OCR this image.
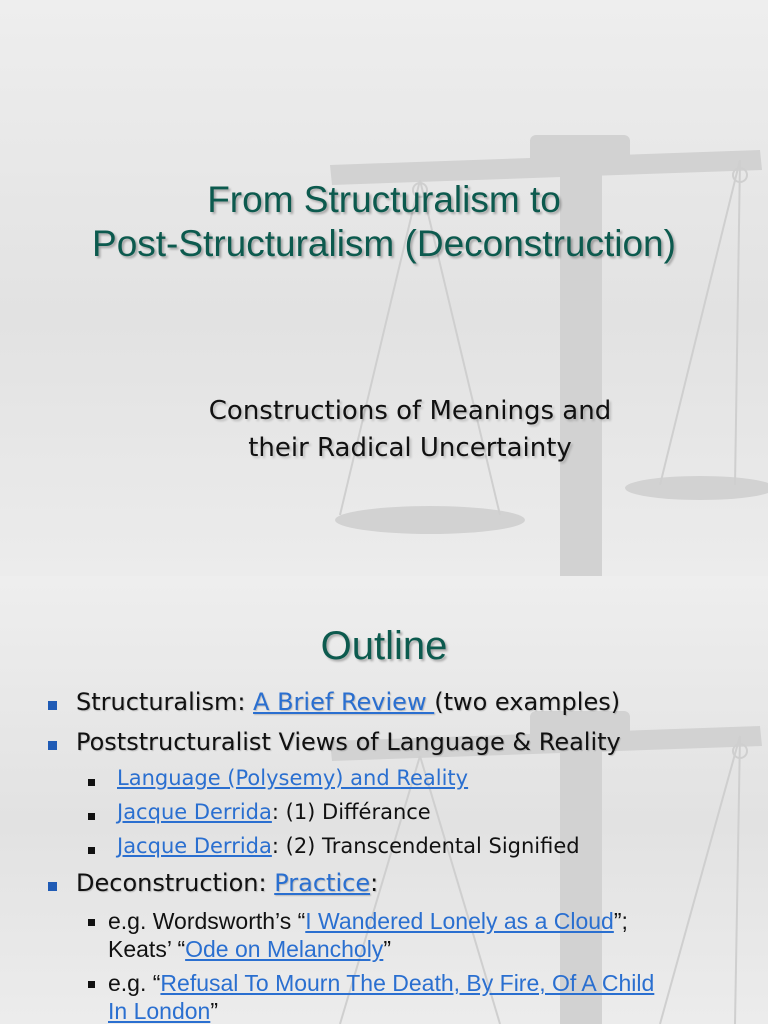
From Structuralism to
Post-Structuralism (Deconstruction)
Constructions of Meanings and
their Radical Uncertainty
Outline
Structuralism: A Brief Review (two examples)
Poststructuralist Views of Language & Reality
Language (Polysemy) and Reality
Jacque Derrida: (1) Différance
Jacque Derrida: (2) Transcendental Signified
Deconstruction: Practice:
e.g. Wordsworth’s “I Wandered Lonely as a Cloud”;
Keats’ “Ode on Melancholy”
e.g. “Refusal To Mourn The Death, By Fire, Of A Child
In London”
